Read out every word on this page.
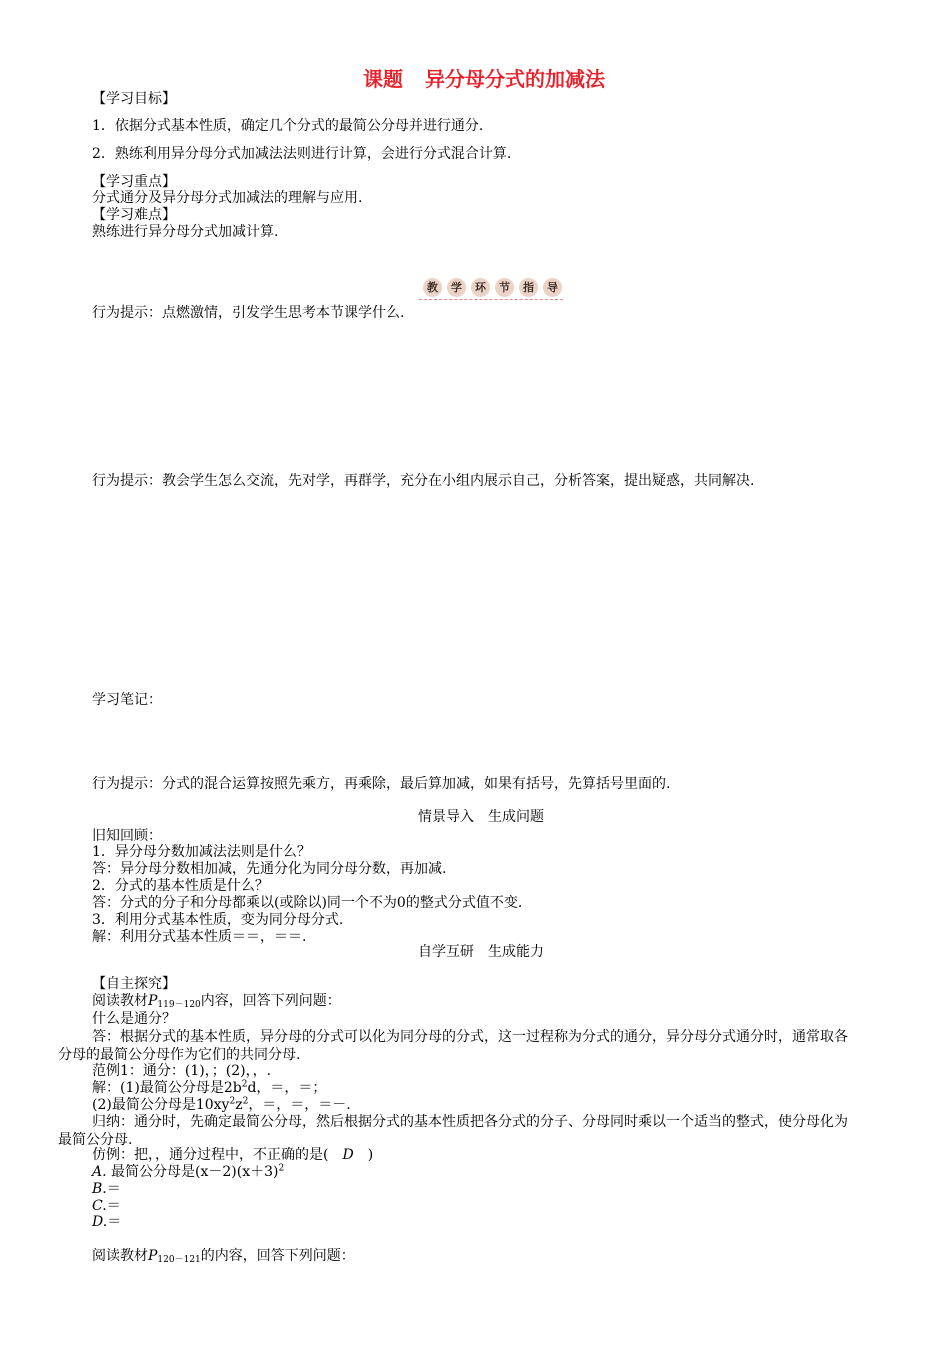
课题 异分母分式的加减法
【学习目标】
1．依据分式基本性质，确定几个分式的最简公分母并进行通分.
2．熟练利用异分母分式加减法法则进行计算，会进行分式混合计算.
【学习重点】
分式通分及异分母分式加减法的理解与应用.
【学习难点】
熟练进行异分母分式加减计算.
教	学	环	节	指	导
行为提示：点燃激情，引发学生思考本节课学什么.
行为提示：教会学生怎么交流，先对学，再群学，充分在小组内展示自己，分析答案，提出疑惑，共同解决.
学习笔记：
行为提示：分式的混合运算按照先乘方，再乘除，最后算加减，如果有括号，先算括号里面的.
情景导入　生成问题
旧知回顾：
1．异分母分数加减法法则是什么？
答：异分母分数相加减，先通分化为同分母分数，再加减.
2．分式的基本性质是什么？
答：分式的分子和分母都乘以(或除以)同一个不为0的整式分式值不变.
3．利用分式基本性质，变为同分母分式.
解：利用分式基本性质＝＝，＝＝.
自学互研　生成能力
【自主探究】
阅读教材$P_{119-120}$内容，回答下列问题：
什么是通分？
答：根据分式的基本性质，异分母的分式可以化为同分母的分式，这一过程称为分式的通分，异分母分式通分时，通常取各分母的最简公分母作为它们的共同分母.
范例1：通分：(1)，；(2)，，.
解：(1)最简公分母是$2b^2d$，＝，＝；
(2)最简公分母是$10xy^2z^2$，＝，＝，＝－.
归纳：通分时，先确定最简公分母，然后根据分式的基本性质把各分式的分子、分母同时乘以一个适当的整式，使分母化为最简公分母.
仿例：把，，通分过程中，不正确的是(　D　)
A. 最简公分母是$(x-2)(x+3)^2$
B.＝
C.＝
D.＝
阅读教材$P_{120-121}$的内容，回答下列问题：
